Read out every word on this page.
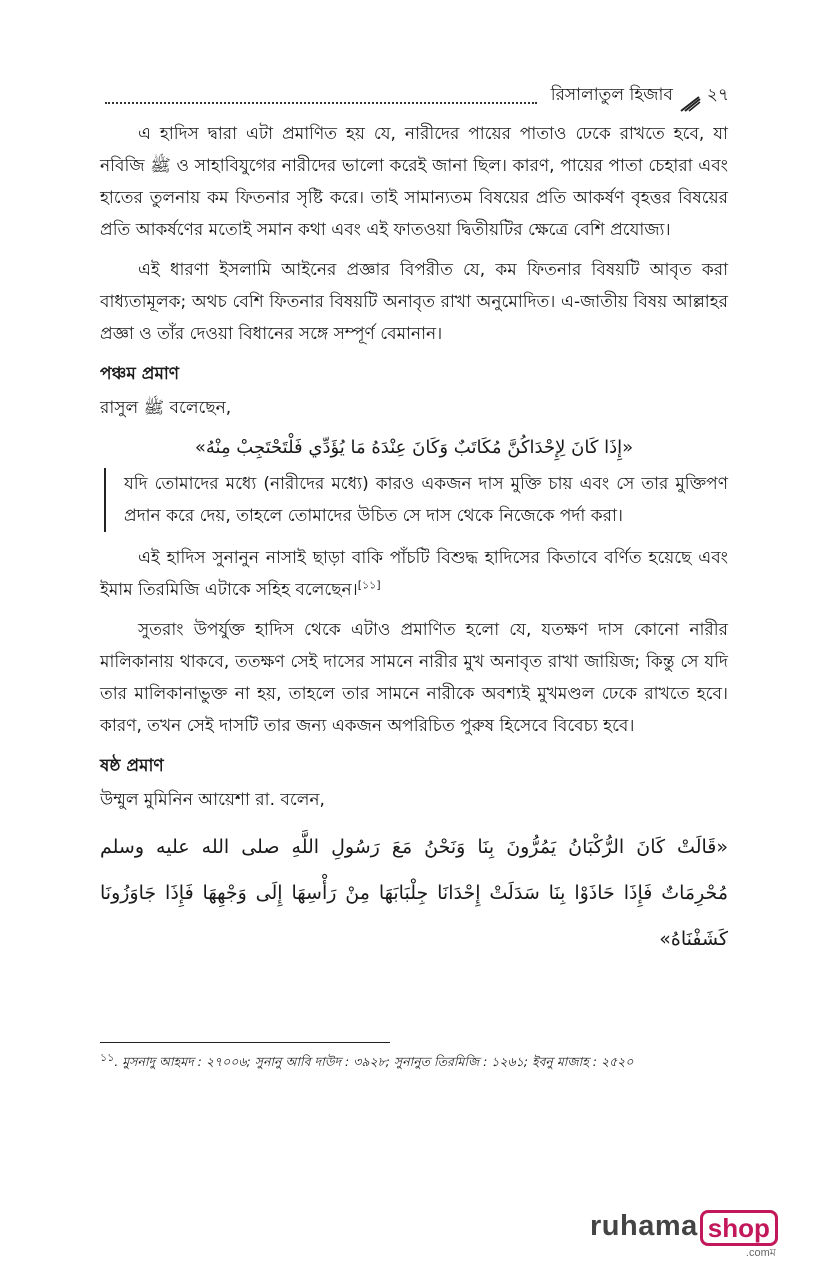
রিসালাতুল হিজাব ২৭

এ হাদিস দ্বারা এটা প্রমাণিত হয় যে, নারীদের পায়ের পাতাও ঢেকে রাখতে হবে, যা নবিজি ﷺ ও সাহাবিযুগের নারীদের ভালো করেই জানা ছিল। কারণ, পায়ের পাতা চেহারা এবং হাতের তুলনায় কম ফিতনার সৃষ্টি করে। তাই সামান্যতম বিষয়ের প্রতি আকর্ষণ বৃহত্তর বিষয়ের প্রতি আকর্ষণের মতোই সমান কথা এবং এই ফাতওয়া দ্বিতীয়টির ক্ষেত্রে বেশি প্রযোজ্য।

এই ধারণা ইসলামি আইনের প্রজ্ঞার বিপরীত যে, কম ফিতনার বিষয়টি আবৃত করা বাধ্যতামূলক; অথচ বেশি ফিতনার বিষয়টি অনাবৃত রাখা অনুমোদিত। এ-জাতীয় বিষয় আল্লাহর প্রজ্ঞা ও তাঁর দেওয়া বিধানের সঙ্গে সম্পূর্ণ বেমানান।

পঞ্চম প্রমাণ

রাসুল ﷺ বলেছেন,

«إِذَا كَانَ لِإِحْدَاكُنَّ مُكَاتَبٌ وَكَانَ عِنْدَهُ مَا يُؤَدِّي فَلْتَحْتَجِبْ مِنْهُ»

যদি তোমাদের মধ্যে (নারীদের মধ্যে) কারও একজন দাস মুক্তি চায় এবং সে তার মুক্তিপণ প্রদান করে দেয়, তাহলে তোমাদের উচিত সে দাস থেকে নিজেকে পর্দা করা।

এই হাদিস সুনানুন নাসাই ছাড়া বাকি পাঁচটি বিশুদ্ধ হাদিসের কিতাবে বর্ণিত হয়েছে এবং ইমাম তিরমিজি এটাকে সহিহ বলেছেন।[১১]

সুতরাং উপর্যুক্ত হাদিস থেকে এটাও প্রমাণিত হলো যে, যতক্ষণ দাস কোনো নারীর মালিকানায় থাকবে, ততক্ষণ সেই দাসের সামনে নারীর মুখ অনাবৃত রাখা জায়িজ; কিন্তু সে যদি তার মালিকানাভুক্ত না হয়, তাহলে তার সামনে নারীকে অবশ্যই মুখমণ্ডল ঢেকে রাখতে হবে। কারণ, তখন সেই দাসটি তার জন্য একজন অপরিচিত পুরুষ হিসেবে বিবেচ্য হবে।

ষষ্ঠ প্রমাণ

উম্মুল মুমিনিন আয়েশা রা. বলেন,

«قَالَتْ كَانَ الرُّكْبَانُ يَمُرُّونَ بِنَا وَنَحْنُ مَعَ رَسُولِ اللَّهِ صلى الله عليه وسلم مُحْرِمَاتٌ فَإِذَا حَاذَوْا بِنَا سَدَلَتْ إِحْدَانَا جِلْبَابَهَا مِنْ رَأْسِهَا إِلَى وَجْهِهَا فَإِذَا جَاوَزُونَا كَشَفْنَاهُ»

$^{১১}$. মুসনাদু আহমদ : ২৭০০৬; সুনানু আবি দাউদ : ৩৯২৮; সুনানুত তিরমিজি : ১২৬১; ইবনু মাজাহ : ২৫২০
ruhama shop
.comম
